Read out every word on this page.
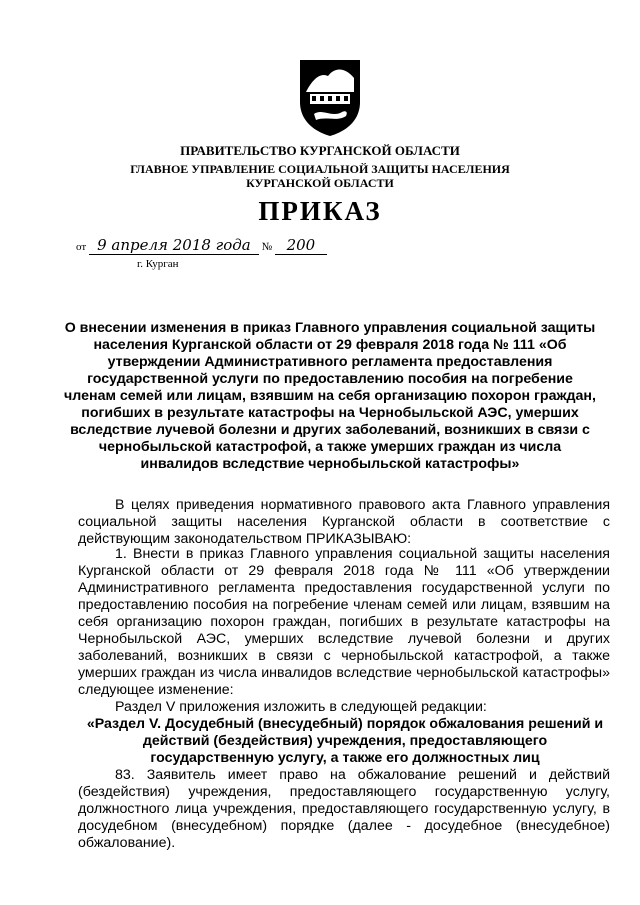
ПРАВИТЕЛЬСТВО КУРГАНСКОЙ ОБЛАСТИ
ГЛАВНОЕ УПРАВЛЕНИЕ СОЦИАЛЬНОЙ ЗАЩИТЫ НАСЕЛЕНИЯ
КУРГАНСКОЙ ОБЛАСТИ
ПРИКАЗ
от 9 апреля 2018 года № 200
г. Курган
О внесении изменения в приказ Главного управления социальной защиты населения Курганской области от 29 февраля 2018 года № 111 «Об утверждении Административного регламента предоставления государственной услуги по предоставлению пособия на погребение членам семей или лицам, взявшим на себя организацию похорон граждан, погибших в результате катастрофы на Чернобыльской АЭС, умерших вследствие лучевой болезни и других заболеваний, возникших в связи с чернобыльской катастрофой, а также умерших граждан из числа инвалидов вследствие чернобыльской катастрофы»
В целях приведения нормативного правового акта Главного управления социальной защиты населения Курганской области в соответствие с действующим законодательством ПРИКАЗЫВАЮ:
1. Внести в приказ Главного управления социальной защиты населения Курганской области от 29 февраля 2018 года № 111 «Об утверждении Административного регламента предоставления государственной услуги по предоставлению пособия на погребение членам семей или лицам, взявшим на себя организацию похорон граждан, погибших в результате катастрофы на Чернобыльской АЭС, умерших вследствие лучевой болезни и других заболеваний, возникших в связи с чернобыльской катастрофой, а также умерших граждан из числа инвалидов вследствие чернобыльской катастрофы» следующее изменение:
Раздел V приложения изложить в следующей редакции:
«Раздел V. Досудебный (внесудебный) порядок обжалования решений и действий (бездействия) учреждения, предоставляющего государственную услугу, а также его должностных лиц
83. Заявитель имеет право на обжалование решений и действий (бездействия) учреждения, предоставляющего государственную услугу, должностного лица учреждения, предоставляющего государственную услугу, в досудебном (внесудебном) порядке (далее - досудебное (внесудебное) обжалование).
